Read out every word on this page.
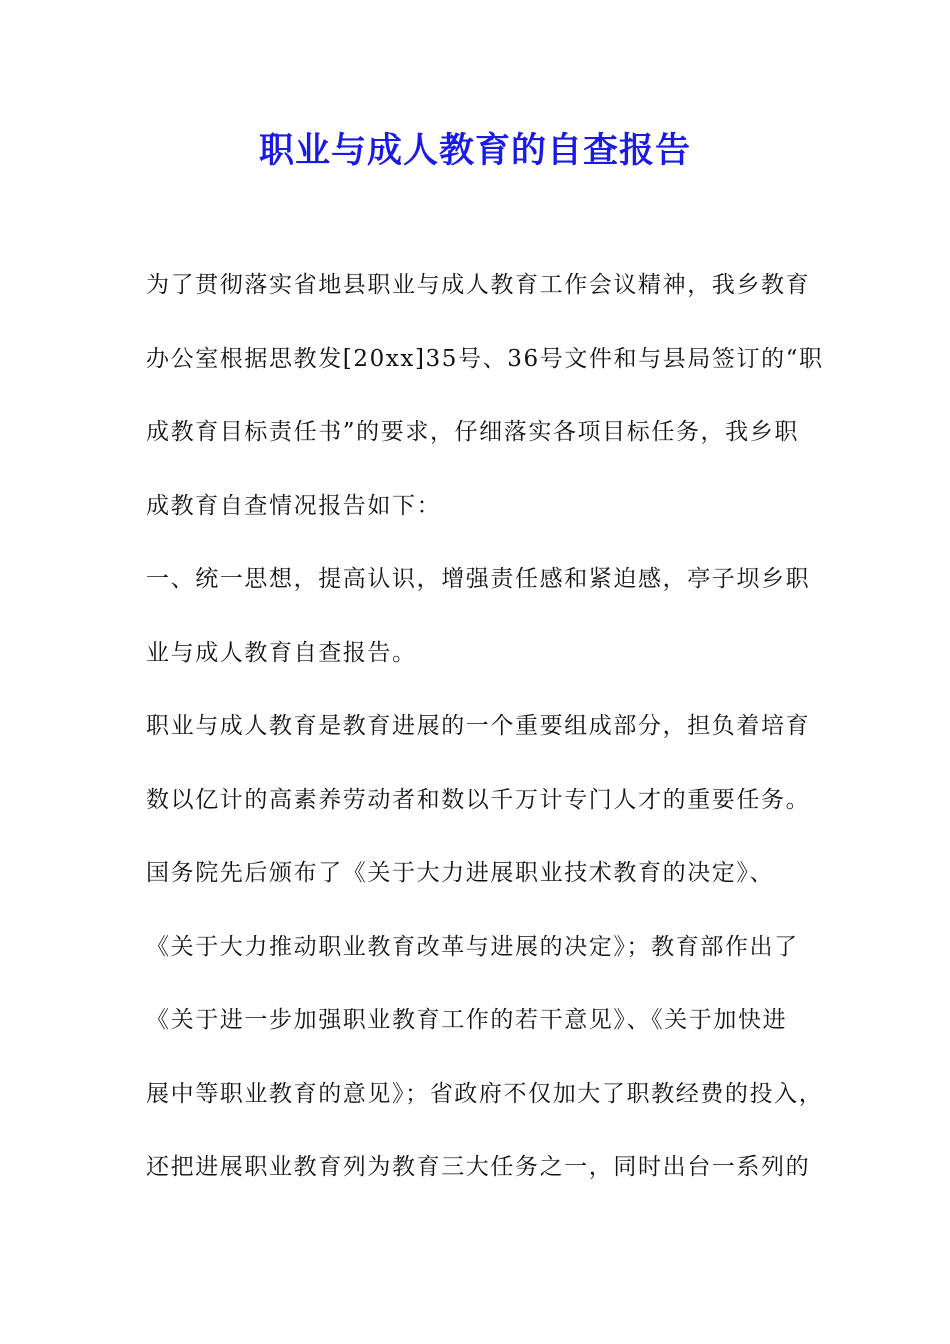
职业与成人教育的自查报告
为了贯彻落实省地县职业与成人教育工作会议精神，我乡教育
办公室根据思教发[20xx]35号、36号文件和与县局签订的“职
成教育目标责任书”的要求，仔细落实各项目标任务，我乡职
成教育自查情况报告如下：
一、统一思想，提高认识，增强责任感和紧迫感，亭子坝乡职
业与成人教育自查报告。
职业与成人教育是教育进展的一个重要组成部分，担负着培育
数以亿计的高素养劳动者和数以千万计专门人才的重要任务。
国务院先后颁布了《关于大力进展职业技术教育的决定》、
《关于大力推动职业教育改革与进展的决定》；教育部作出了
《关于进一步加强职业教育工作的若干意见》、《关于加快进
展中等职业教育的意见》；省政府不仅加大了职教经费的投入，
还把进展职业教育列为教育三大任务之一，同时出台一系列的
